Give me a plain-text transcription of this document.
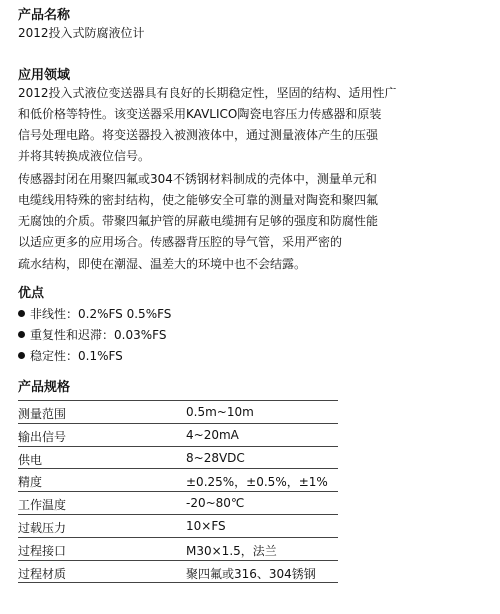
产品名称
2012投入式防腐液位计
应用领域
2012投入式液位变送器具有良好的长期稳定性，坚固的结构、适用性广
和低价格等特性。该变送器采用KAVLICO陶瓷电容压力传感器和原装
信号处理电路。将变送器投入被测液体中，通过测量液体产生的压强
并将其转换成液位信号。
传感器封闭在用聚四氟或304不锈钢材料制成的壳体中，测量单元和
电缆线用特殊的密封结构，使之能够安全可靠的测量对陶瓷和聚四氟
无腐蚀的介质。带聚四氟护管的屏蔽电缆拥有足够的强度和防腐性能
以适应更多的应用场合。传感器背压腔的导气管，采用严密的
疏水结构，即使在潮湿、温差大的环境中也不会结露。
优点
非线性：0.2%FS 0.5%FS
重复性和迟滞：0.03%FS
稳定性：0.1%FS
产品规格
测量范围	0.5m~10m
输出信号	4~20mA
供电	8~28VDC
精度	±0.25%，±0.5%，±1%
工作温度	-20~80℃
过载压力	10×FS
过程接口	M30×1.5，法兰
过程材质	聚四氟或316、304锈钢
